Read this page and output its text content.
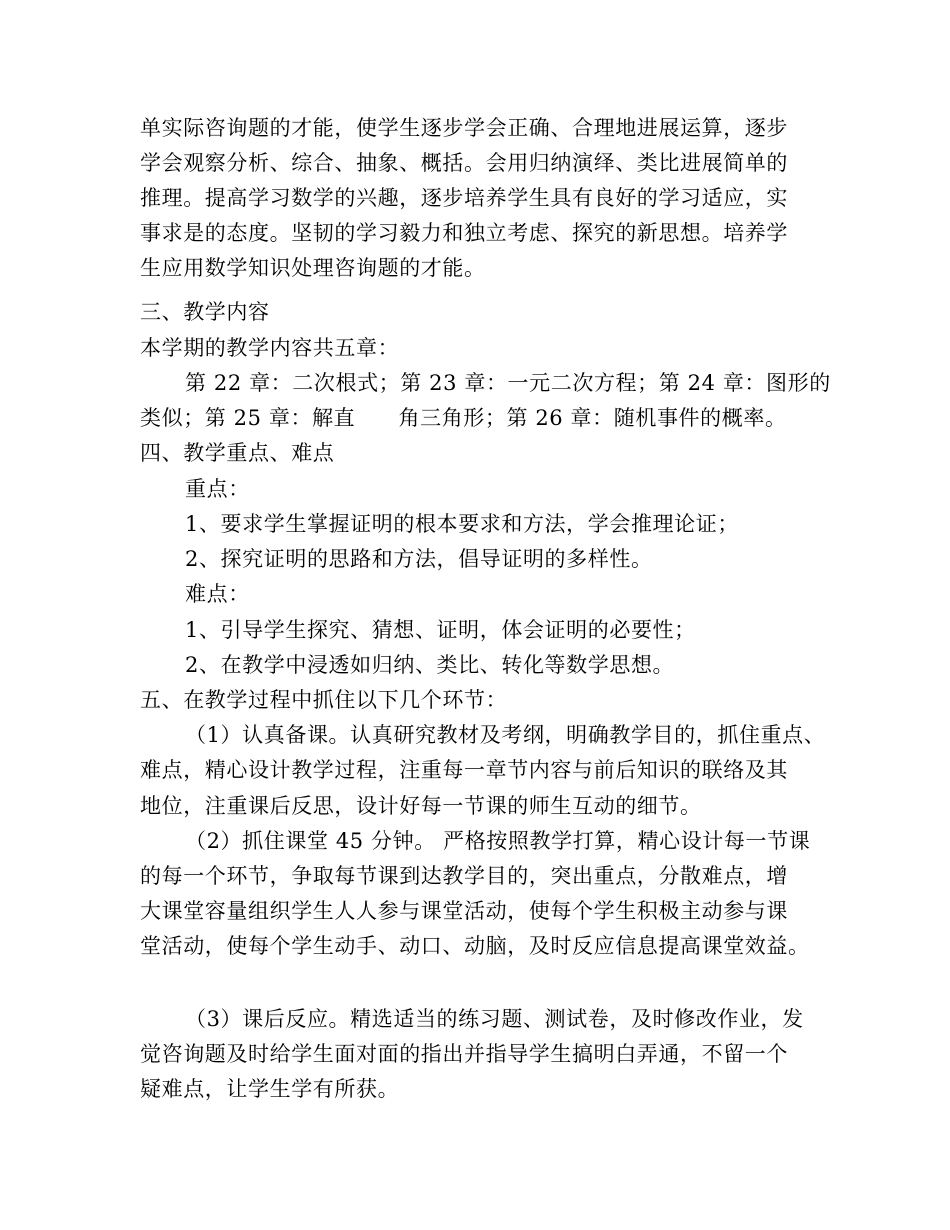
单实际咨询题的才能，使学生逐步学会正确、合理地进展运算，逐步
学会观察分析、综合、抽象、概括。会用归纳演绎、类比进展简单的
推理。提高学习数学的兴趣，逐步培养学生具有良好的学习适应，实
事求是的态度。坚韧的学习毅力和独立考虑、探究的新思想。培养学
生应用数学知识处理咨询题的才能。
三、教学内容
本学期的教学内容共五章：
第 22 章：二次根式；第 23 章：一元二次方程；第 24 章：图形的
类似；第 25 章：解直　　角三角形；第 26 章：随机事件的概率。
四、教学重点、难点
重点：
1、要求学生掌握证明的根本要求和方法，学会推理论证；
2、探究证明的思路和方法，倡导证明的多样性。
难点：
1、引导学生探究、猜想、证明，体会证明的必要性；
2、在教学中浸透如归纳、类比、转化等数学思想。
五、在教学过程中抓住以下几个环节：
（1）认真备课。认真研究教材及考纲，明确教学目的，抓住重点、
难点，精心设计教学过程，注重每一章节内容与前后知识的联络及其
地位，注重课后反思，设计好每一节课的师生互动的细节。
（2）抓住课堂 45 分钟。 严格按照教学打算，精心设计每一节课
的每一个环节，争取每节课到达教学目的，突出重点，分散难点，增
大课堂容量组织学生人人参与课堂活动，使每个学生积极主动参与课
堂活动，使每个学生动手、动口、动脑，及时反应信息提高课堂效益。
（3）课后反应。精选适当的练习题、测试卷，及时修改作业，发
觉咨询题及时给学生面对面的指出并指导学生搞明白弄通，不留一个
疑难点，让学生学有所获。
